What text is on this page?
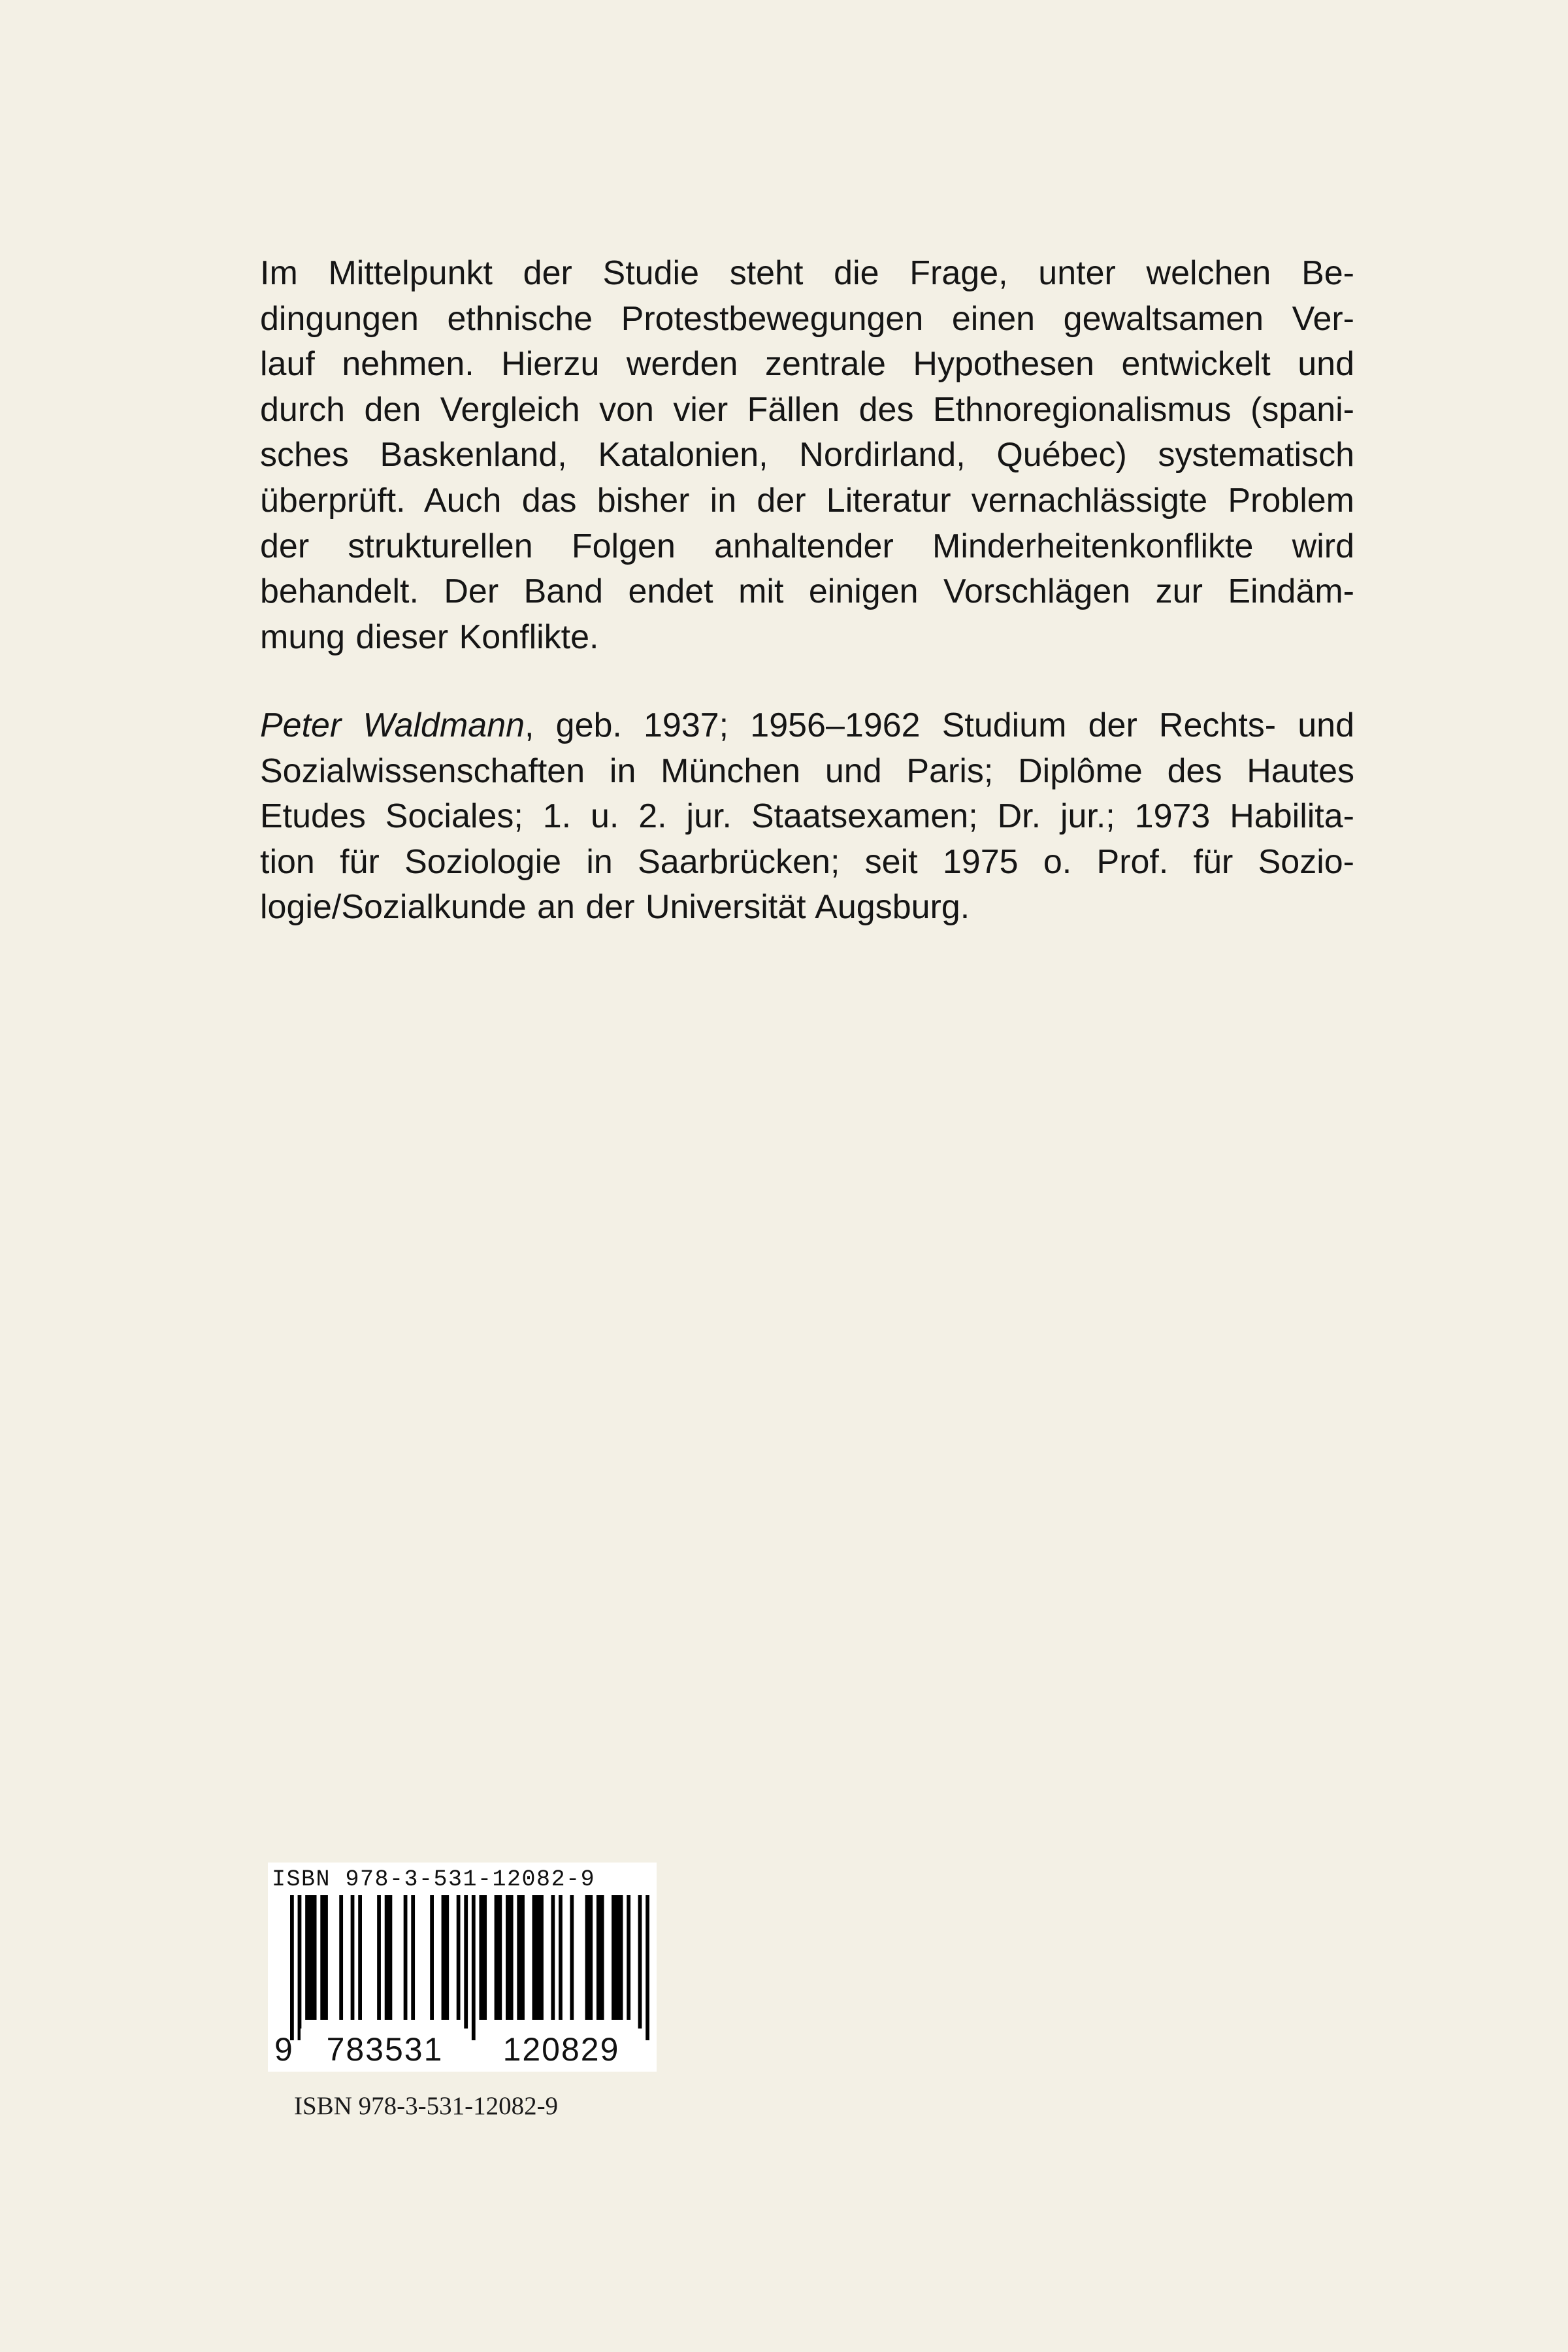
Im Mittelpunkt der Studie steht die Frage, unter welchen Be-
dingungen ethnische Protestbewegungen einen gewaltsamen Ver-
lauf nehmen. Hierzu werden zentrale Hypothesen entwickelt und
durch den Vergleich von vier Fällen des Ethnoregionalismus (spani-
sches Baskenland, Katalonien, Nordirland, Québec) systematisch
überprüft. Auch das bisher in der Literatur vernachlässigte Problem
der strukturellen Folgen anhaltender Minderheitenkonflikte wird
behandelt. Der Band endet mit einigen Vorschlägen zur Eindäm-
mung dieser Konflikte.
Peter Waldmann, geb. 1937; 1956–1962 Studium der Rechts- und
Sozialwissenschaften in München und Paris; Diplôme des Hautes
Etudes Sociales; 1. u. 2. jur. Staatsexamen; Dr. jur.; 1973 Habilita-
tion für Soziologie in Saarbrücken; seit 1975 o. Prof. für Sozio-
logie/Sozialkunde an der Universität Augsburg.
ISBN 978-3-531-12082-9
9	783531	120829
ISBN 978-3-531-12082-9
